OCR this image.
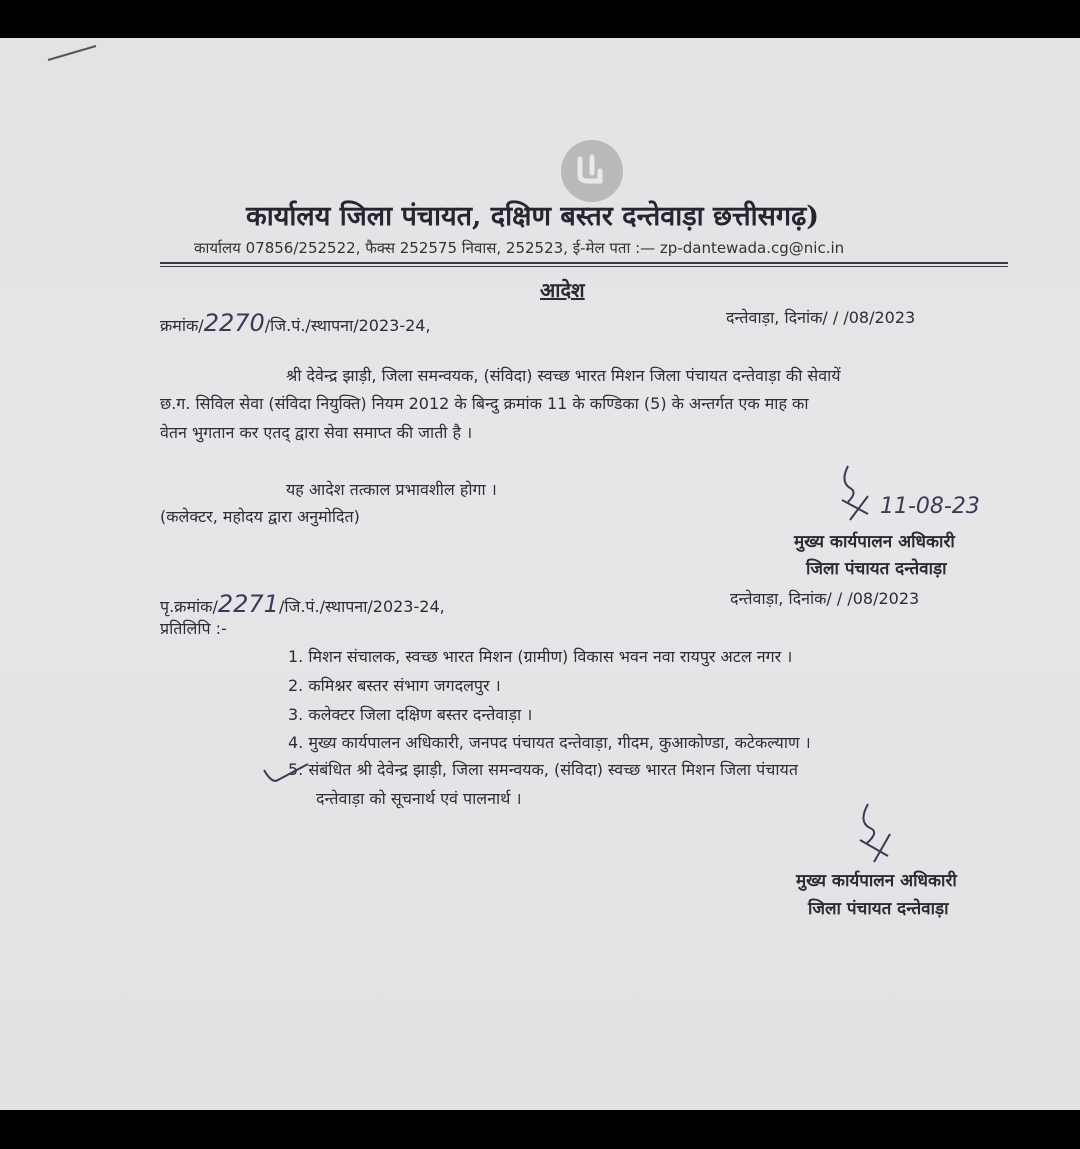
कार्यालय जिला पंचायत, दक्षिण बस्तर दन्तेवाड़ा छत्तीसगढ़)
कार्यालय 07856/252522, फैक्स 252575 निवास, 252523, ई-मेल पता :— zp-dantewada.cg@nic.in
आदेश
क्रमांक/2270/जि.पं./स्थापना/2023-24,	दन्तेवाड़ा, दिनांक/ / /08/2023
श्री देवेन्द्र झाड़ी, जिला समन्वयक, (संविदा) स्वच्छ भारत मिशन जिला पंचायत दन्तेवाड़ा की सेवायें
छ.ग. सिविल सेवा (संविदा नियुक्ति) नियम 2012 के बिन्दु क्रमांक 11 के कण्डिका (5) के अन्तर्गत एक माह का
वेतन भुगतान कर एतद् द्वारा सेवा समाप्त की जाती है ।
यह आदेश तत्काल प्रभावशील होगा ।
(कलेक्टर, महोदय द्वारा अनुमोदित)	11-08-23
मुख्य कार्यपालन अधिकारी
जिला पंचायत दन्तेवाड़ा
पृ.क्रमांक/2271/जि.पं./स्थापना/2023-24,	दन्तेवाड़ा, दिनांक/ / /08/2023
प्रतिलिपि :-
1. मिशन संचालक, स्वच्छ भारत मिशन (ग्रामीण) विकास भवन नवा रायपुर अटल नगर ।
2. कमिश्नर बस्तर संभाग जगदलपुर ।
3. कलेक्टर जिला दक्षिण बस्तर दन्तेवाड़ा ।
4. मुख्य कार्यपालन अधिकारी, जनपद पंचायत दन्तेवाड़ा, गीदम, कुआकोण्डा, कटेकल्याण ।
5. संबंधित श्री देवेन्द्र झाड़ी, जिला समन्वयक, (संविदा) स्वच्छ भारत मिशन जिला पंचायत
दन्तेवाड़ा को सूचनार्थ एवं पालनार्थ ।
मुख्य कार्यपालन अधिकारी
जिला पंचायत दन्तेवाड़ा
